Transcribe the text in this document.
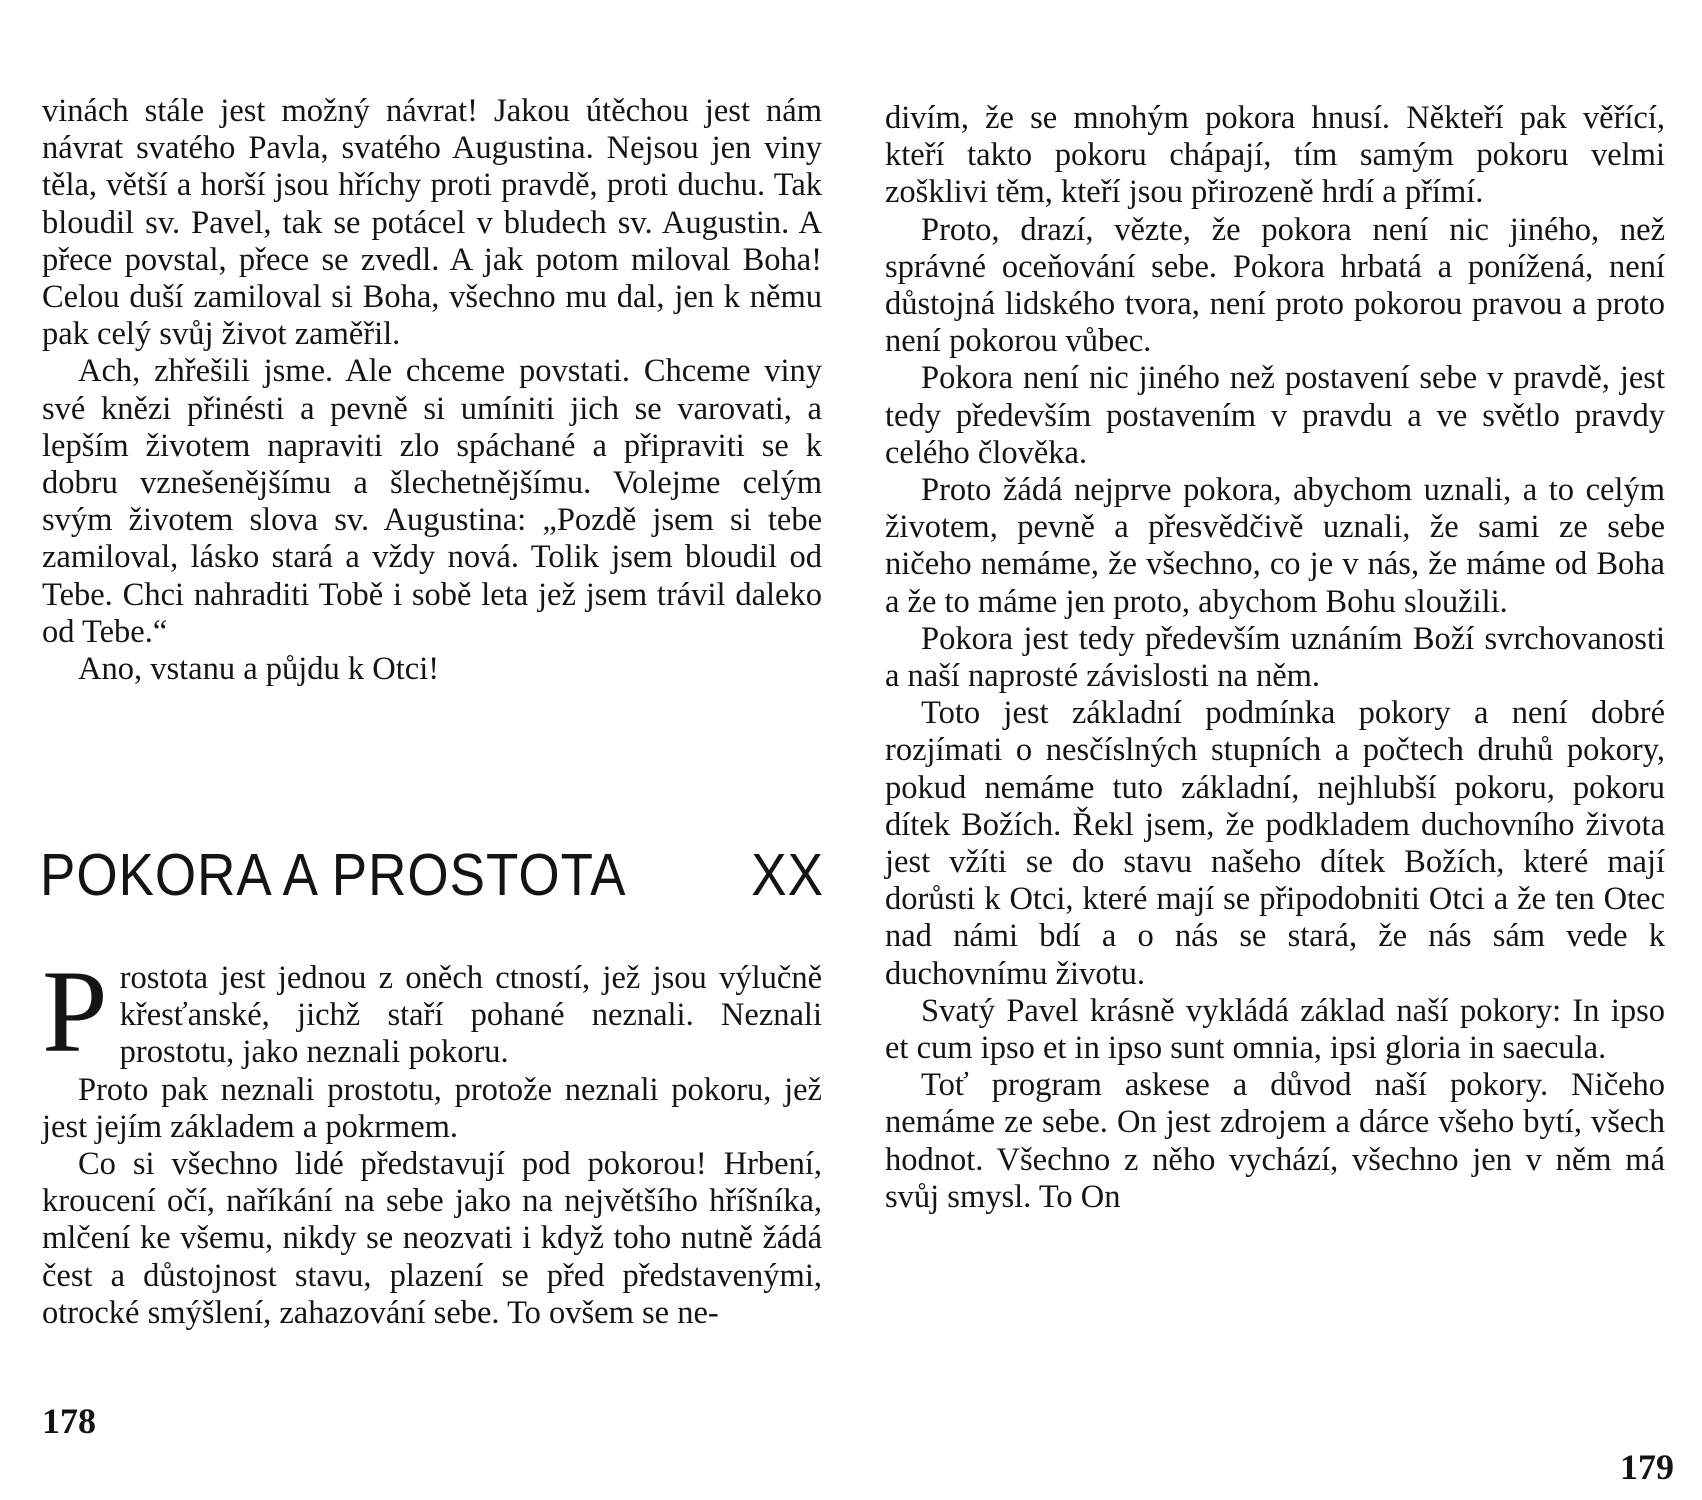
vinách stále jest možný návrat! Jakou útěchou jest nám návrat svatého Pavla, svatého Augustina. Nejsou jen viny těla, větší a horší jsou hříchy proti pravdě, proti duchu. Tak bloudil sv. Pavel, tak se potácel v bludech sv. Augustin. A přece povstal, přece se zvedl. A jak potom miloval Boha! Celou duší zamiloval si Boha, všechno mu dal, jen k němu pak celý svůj život zaměřil.

Ach, zhřešili jsme. Ale chceme povstati. Chceme viny své knězi přinésti a pevně si umíniti jich se varovati, a lepším životem napraviti zlo spáchané a připraviti se k dobru vznešenějšímu a šlechetnějšímu. Volejme celým svým životem slova sv. Augustina: „Pozdě jsem si tebe zamiloval, lásko stará a vždy nová. Tolik jsem bloudil od Tebe. Chci nahraditi Tobě i sobě leta jež jsem trávil daleko od Tebe.“

Ano, vstanu a půjdu k Otci!

POKORA A PROSTOTA XX
P rostota jest jednou z oněch ctností, jež jsou výlučně křesťanské, jichž staří pohané neznali. Neznali prostotu, jako neznali pokoru.

Proto pak neznali prostotu, protože neznali pokoru, jež jest jejím základem a pokrmem.

Co si všechno lidé představují pod pokorou! Hrbení, kroucení očí, naříkání na sebe jako na největšího hříšníka, mlčení ke všemu, nikdy se neozvati i když toho nutně žádá čest a důstojnost stavu, plazení se před představenými, otrocké smýšlení, zahazování sebe. To ovšem se ne-

178

divím, že se mnohým pokora hnusí. Někteří pak věřící, kteří takto pokoru chápají, tím samým pokoru velmi zošklivi těm, kteří jsou přirozeně hrdí a přímí.

Proto, drazí, vězte, že pokora není nic jiného, než správné oceňování sebe. Pokora hrbatá a ponížená, není důstojná lidského tvora, není proto pokorou pravou a proto není pokorou vůbec.

Pokora není nic jiného než postavení sebe v pravdě, jest tedy především postavením v pravdu a ve světlo pravdy celého člověka.

Proto žádá nejprve pokora, abychom uznali, a to celým životem, pevně a přesvědčivě uznali, že sami ze sebe ničeho nemáme, že všechno, co je v nás, že máme od Boha a že to máme jen proto, abychom Bohu sloužili.

Pokora jest tedy především uznáním Boží svrchovanosti a naší naprosté závislosti na něm.

Toto jest základní podmínka pokory a není dobré rozjímati o nesčíslných stupních a počtech druhů pokory, pokud nemáme tuto základní, nejhlubší pokoru, pokoru dítek Božích. Řekl jsem, že podkladem duchovního života jest vžíti se do stavu našeho dítek Božích, které mají dorůsti k Otci, které mají se připodobniti Otci a že ten Otec nad námi bdí a o nás se stará, že nás sám vede k duchovnímu životu.

Svatý Pavel krásně vykládá základ naší pokory: In ipso et cum ipso et in ipso sunt omnia, ipsi gloria in saecula.

Toť program askese a důvod naší pokory. Ničeho nemáme ze sebe. On jest zdrojem a dárce všeho bytí, všech hodnot. Všechno z něho vychází, všechno jen v něm má svůj smysl. To On

179
